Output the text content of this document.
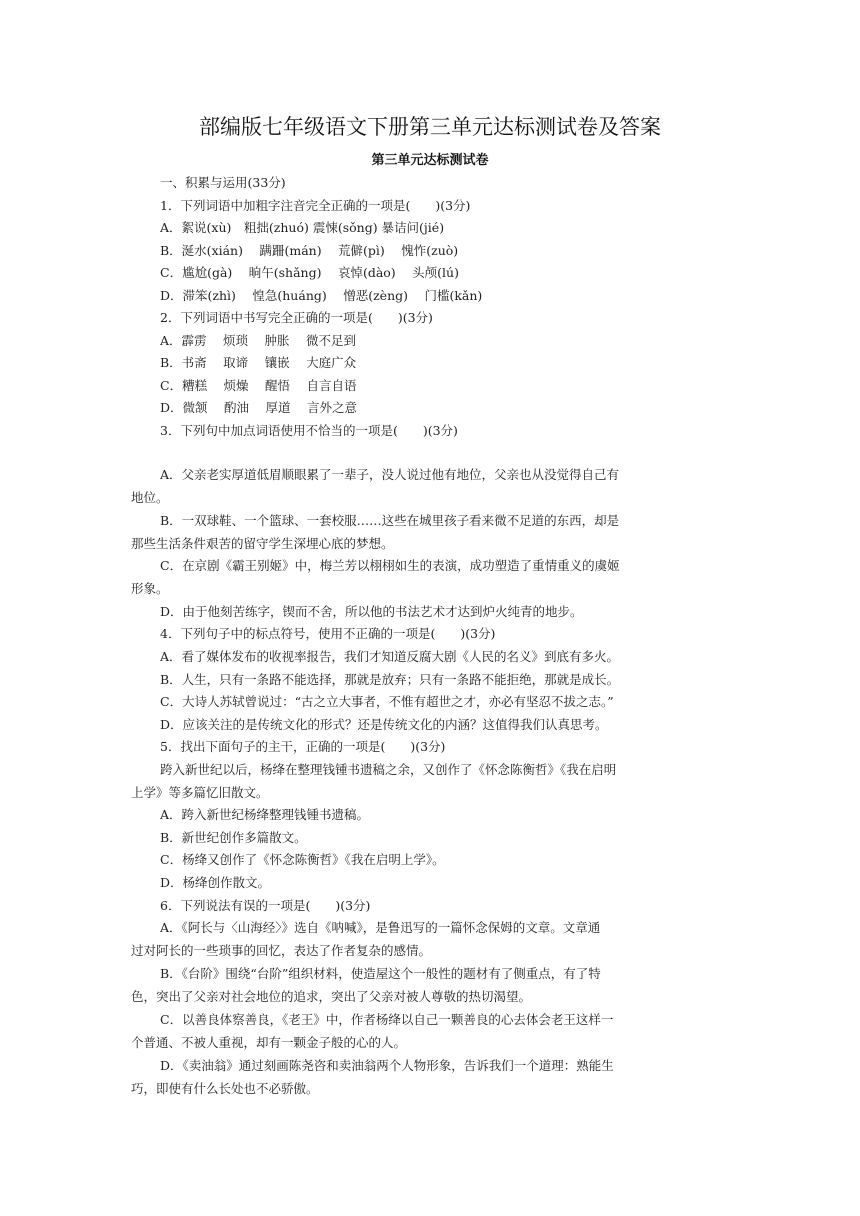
部编版七年级语文下册第三单元达标测试卷及答案
第三单元达标测试卷
一、积累与运用(33分)
1．下列词语中加粗字注音完全正确的一项是(　　)(3分)
A．絮说(xù)　粗拙(zhuó) 震悚(sǒng) 暴诘问(jié)
B．涎水(xián)　 蹒跚(mán)　 荒僻(pì)　 愧怍(zuò)
C．尴尬(gà)　 晌午(shǎng)　 哀悼(dào)　 头颅(lú)
D．滞笨(zhì)　 惶急(huáng)　 憎恶(zèng)　 门槛(kǎn)
2．下列词语中书写完全正确的一项是(　　)(3分)
A．霹雳　 烦琐　 肿胀　 微不足到
B．书斋　 取谛　 镶嵌　 大庭广众
C．糟糕　 烦燥　 醒悟　 自言自语
D．微颔　 酌油　 厚道　 言外之意
3．下列句中加点词语使用不恰当的一项是(　　)(3分)
A．父亲老实厚道低眉顺眼累了一辈子，没人说过他有地位，父亲也从没觉得自己有
地位。
B．一双球鞋、一个篮球、一套校服……这些在城里孩子看来微不足道的东西，却是
那些生活条件艰苦的留守学生深埋心底的梦想。
C．在京剧《霸王别姬》中，梅兰芳以栩栩如生的表演，成功塑造了重情重义的虞姬
形象。
D．由于他刻苦练字，锲而不舍，所以他的书法艺术才达到炉火纯青的地步。
4．下列句子中的标点符号，使用不正确的一项是(　　)(3分)
A．看了媒体发布的收视率报告，我们才知道反腐大剧《人民的名义》到底有多火。
B．人生，只有一条路不能选择，那就是放弃；只有一条路不能拒绝，那就是成长。
C．大诗人苏轼曾说过：“古之立大事者，不惟有超世之才，亦必有坚忍不拔之志。”
D．应该关注的是传统文化的形式？还是传统文化的内涵？这值得我们认真思考。
5．找出下面句子的主干，正确的一项是(　　)(3分)
跨入新世纪以后，杨绛在整理钱锺书遗稿之余，又创作了《怀念陈衡哲》《我在启明
上学》等多篇忆旧散文。
A．跨入新世纪杨绛整理钱锺书遗稿。
B．新世纪创作多篇散文。
C．杨绛又创作了《怀念陈衡哲》《我在启明上学》。
D．杨绛创作散文。
6．下列说法有误的一项是(　　)(3分)
A．《阿长与〈山海经〉》选自《呐喊》，是鲁迅写的一篇怀念保姆的文章。文章通
过对阿长的一些琐事的回忆，表达了作者复杂的感情。
B．《台阶》围绕“台阶”组织材料，使造屋这个一般性的题材有了侧重点，有了特
色，突出了父亲对社会地位的追求，突出了父亲对被人尊敬的热切渴望。
C．以善良体察善良，《老王》中，作者杨绛以自己一颗善良的心去体会老王这样一
个普通、不被人重视，却有一颗金子般的心的人。
D．《卖油翁》通过刻画陈尧咨和卖油翁两个人物形象，告诉我们一个道理：熟能生
巧，即使有什么长处也不必骄傲。
